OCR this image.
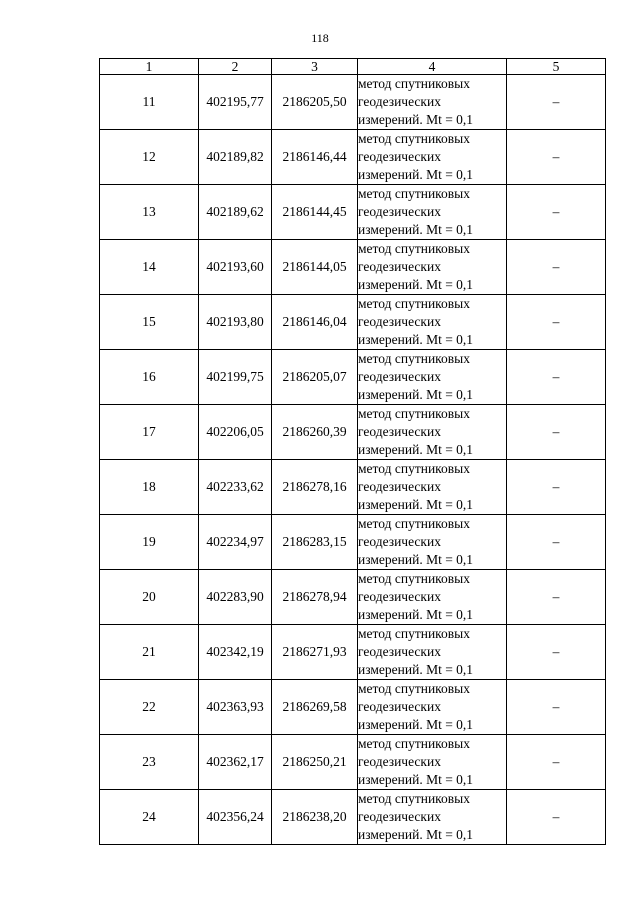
118
1	2	3	4	5
11	402195,77	2186205,50	метод спутниковых
геодезических
измерений. Mt = 0,1	–
12	402189,82	2186146,44	метод спутниковых
геодезических
измерений. Mt = 0,1	–
13	402189,62	2186144,45	метод спутниковых
геодезических
измерений. Mt = 0,1	–
14	402193,60	2186144,05	метод спутниковых
геодезических
измерений. Mt = 0,1	–
15	402193,80	2186146,04	метод спутниковых
геодезических
измерений. Mt = 0,1	–
16	402199,75	2186205,07	метод спутниковых
геодезических
измерений. Mt = 0,1	–
17	402206,05	2186260,39	метод спутниковых
геодезических
измерений. Mt = 0,1	–
18	402233,62	2186278,16	метод спутниковых
геодезических
измерений. Mt = 0,1	–
19	402234,97	2186283,15	метод спутниковых
геодезических
измерений. Mt = 0,1	–
20	402283,90	2186278,94	метод спутниковых
геодезических
измерений. Mt = 0,1	–
21	402342,19	2186271,93	метод спутниковых
геодезических
измерений. Mt = 0,1	–
22	402363,93	2186269,58	метод спутниковых
геодезических
измерений. Mt = 0,1	–
23	402362,17	2186250,21	метод спутниковых
геодезических
измерений. Mt = 0,1	–
24	402356,24	2186238,20	метод спутниковых
геодезических
измерений. Mt = 0,1	–
